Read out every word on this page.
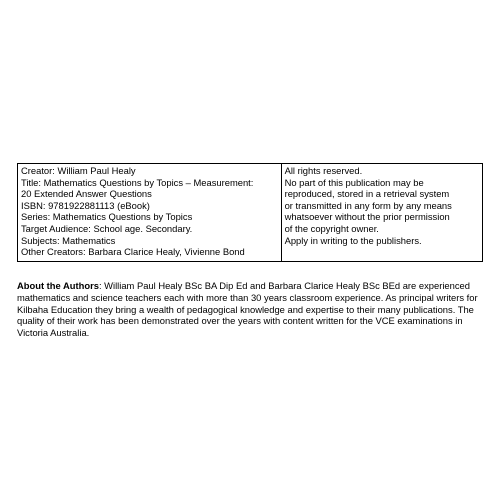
Creator: William Paul Healy
Title: Mathematics Questions by Topics – Measurement:
20 Extended Answer Questions
ISBN: 9781922881113 (eBook)
Series: Mathematics Questions by Topics
Target Audience: School age. Secondary.
Subjects: Mathematics
Other Creators: Barbara Clarice Healy, Vivienne Bond

All rights reserved.
No part of this publication may be
reproduced, stored in a retrieval system
or transmitted in any form by any means
whatsoever without the prior permission
of the copyright owner.
Apply in writing to the publishers.

About the Authors: William Paul Healy BSc BA Dip Ed and Barbara Clarice Healy BSc BEd are experienced mathematics and science teachers each with more than 30 years classroom experience. As principal writers for Kilbaha Education they bring a wealth of pedagogical knowledge and expertise to their many publications. The quality of their work has been demonstrated over the years with content written for the VCE examinations in Victoria Australia.
